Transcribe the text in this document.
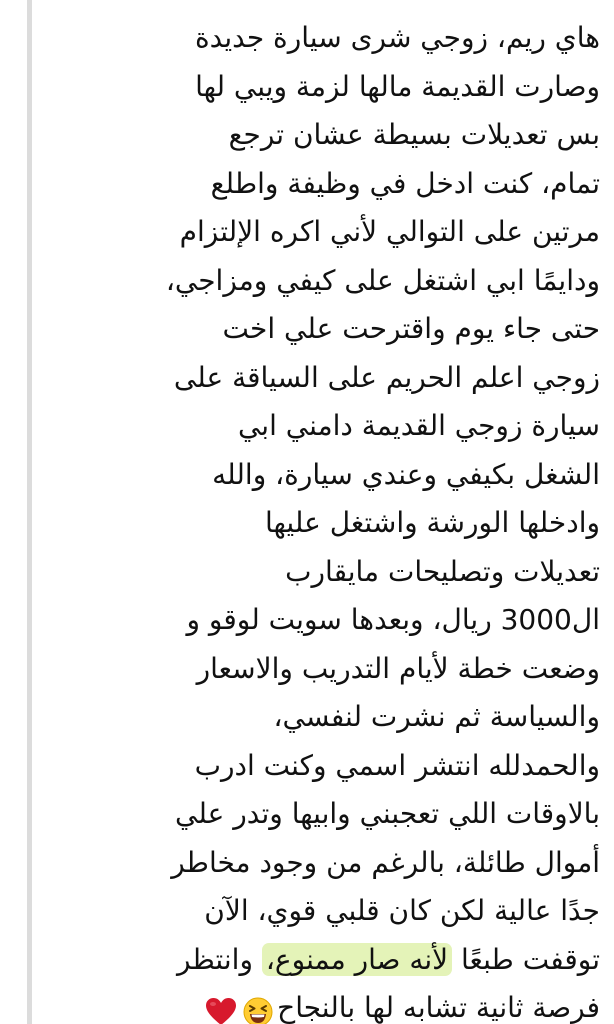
هاي ريم، زوجي شرى سيارة جديدة
وصارت القديمة مالها لزمة ويبي لها
بس تعديلات بسيطة عشان ترجع
تمام، كنت ادخل في وظيفة واطلع
مرتين على التوالي لأني اكره الإلتزام
ودايمًا ابي اشتغل على كيفي ومزاجي،
حتى جاء يوم واقترحت علي اخت
زوجي اعلم الحريم على السياقة على
سيارة زوجي القديمة دامني ابي
الشغل بكيفي وعندي سيارة، والله
وادخلها الورشة واشتغل عليها
تعديلات وتصليحات مايقارب
ال3000 ريال، وبعدها سويت لوقو و
وضعت خطة لأيام التدريب والاسعار
والسياسة ثم نشرت لنفسي،
والحمدلله انتشر اسمي وكنت ادرب
بالاوقات اللي تعجبني وابيها وتدر علي
أموال طائلة، بالرغم من وجود مخاطر
جدًا عالية لكن كان قلبي قوي، الآن
توقفت طبعًا لأنه صار ممنوع، وانتظر
فرصة ثانية تشابه لها بالنجاح
